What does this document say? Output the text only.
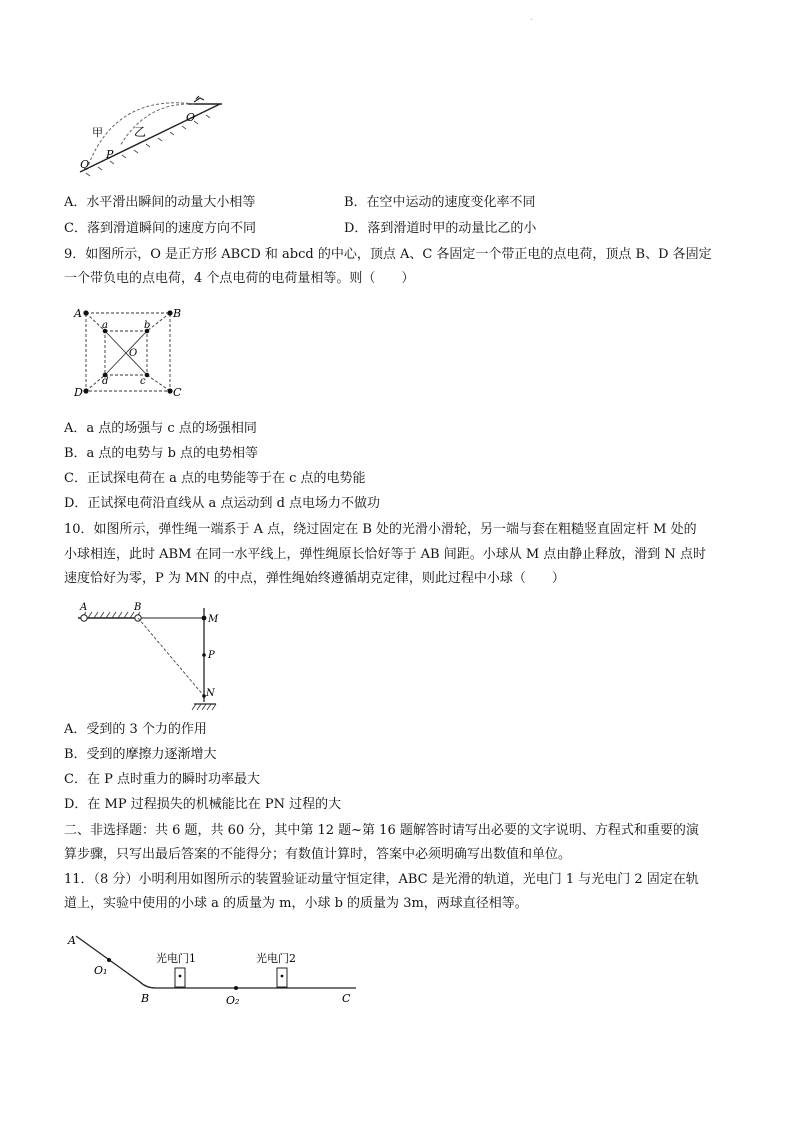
·
甲	乙
O
Q
P
A．水平滑出瞬间的动量大小相等	B．在空中运动的速度变化率不同
C．落到滑道瞬间的速度方向不同	D．落到滑道时甲的动量比乙的小
9．如图所示，O 是正方形 ABCD 和 abcd 的中心，顶点 A、C 各固定一个带正电的点电荷，顶点 B、D 各固定
一个带负电的点电荷，4 个点电荷的电荷量相等。则（　　）
A	B
C
D
a	b
c
d
O
A．a 点的场强与 c 点的场强相同
B．a 点的电势与 b 点的电势相等
C．正试探电荷在 a 点的电势能等于在 c 点的电势能
D．正试探电荷沿直线从 a 点运动到 d 点电场力不做功
10．如图所示，弹性绳一端系于 A 点，绕过固定在 B 处的光滑小滑轮，另一端与套在粗糙竖直固定杆 M 处的
小球相连，此时 ABM 在同一水平线上，弹性绳原长恰好等于 AB 间距。小球从 M 点由静止释放，滑到 N 点时
速度恰好为零，P 为 MN 的中点，弹性绳始终遵循胡克定律，则此过程中小球（　　）
A	B
M
P
N
A．受到的 3 个力的作用
B．受到的摩擦力逐渐增大
C．在 P 点时重力的瞬时功率最大
D．在 MP 过程损失的机械能比在 PN 过程的大
二、非选择题：共 6 题，共 60 分，其中第 12 题~第 16 题解答时请写出必要的文字说明、方程式和重要的演
算步骤，只写出最后答案的不能得分；有数值计算时，答案中必须明确写出数值和单位。
11．（8 分）小明利用如图所示的装置验证动量守恒定律，ABC 是光滑的轨道，光电门 1 与光电门 2 固定在轨
道上，实验中使用的小球 a 的质量为 m，小球 b 的质量为 3m，两球直径相等。
A
O₁
光电门1	光电门2
B	O₂	C
